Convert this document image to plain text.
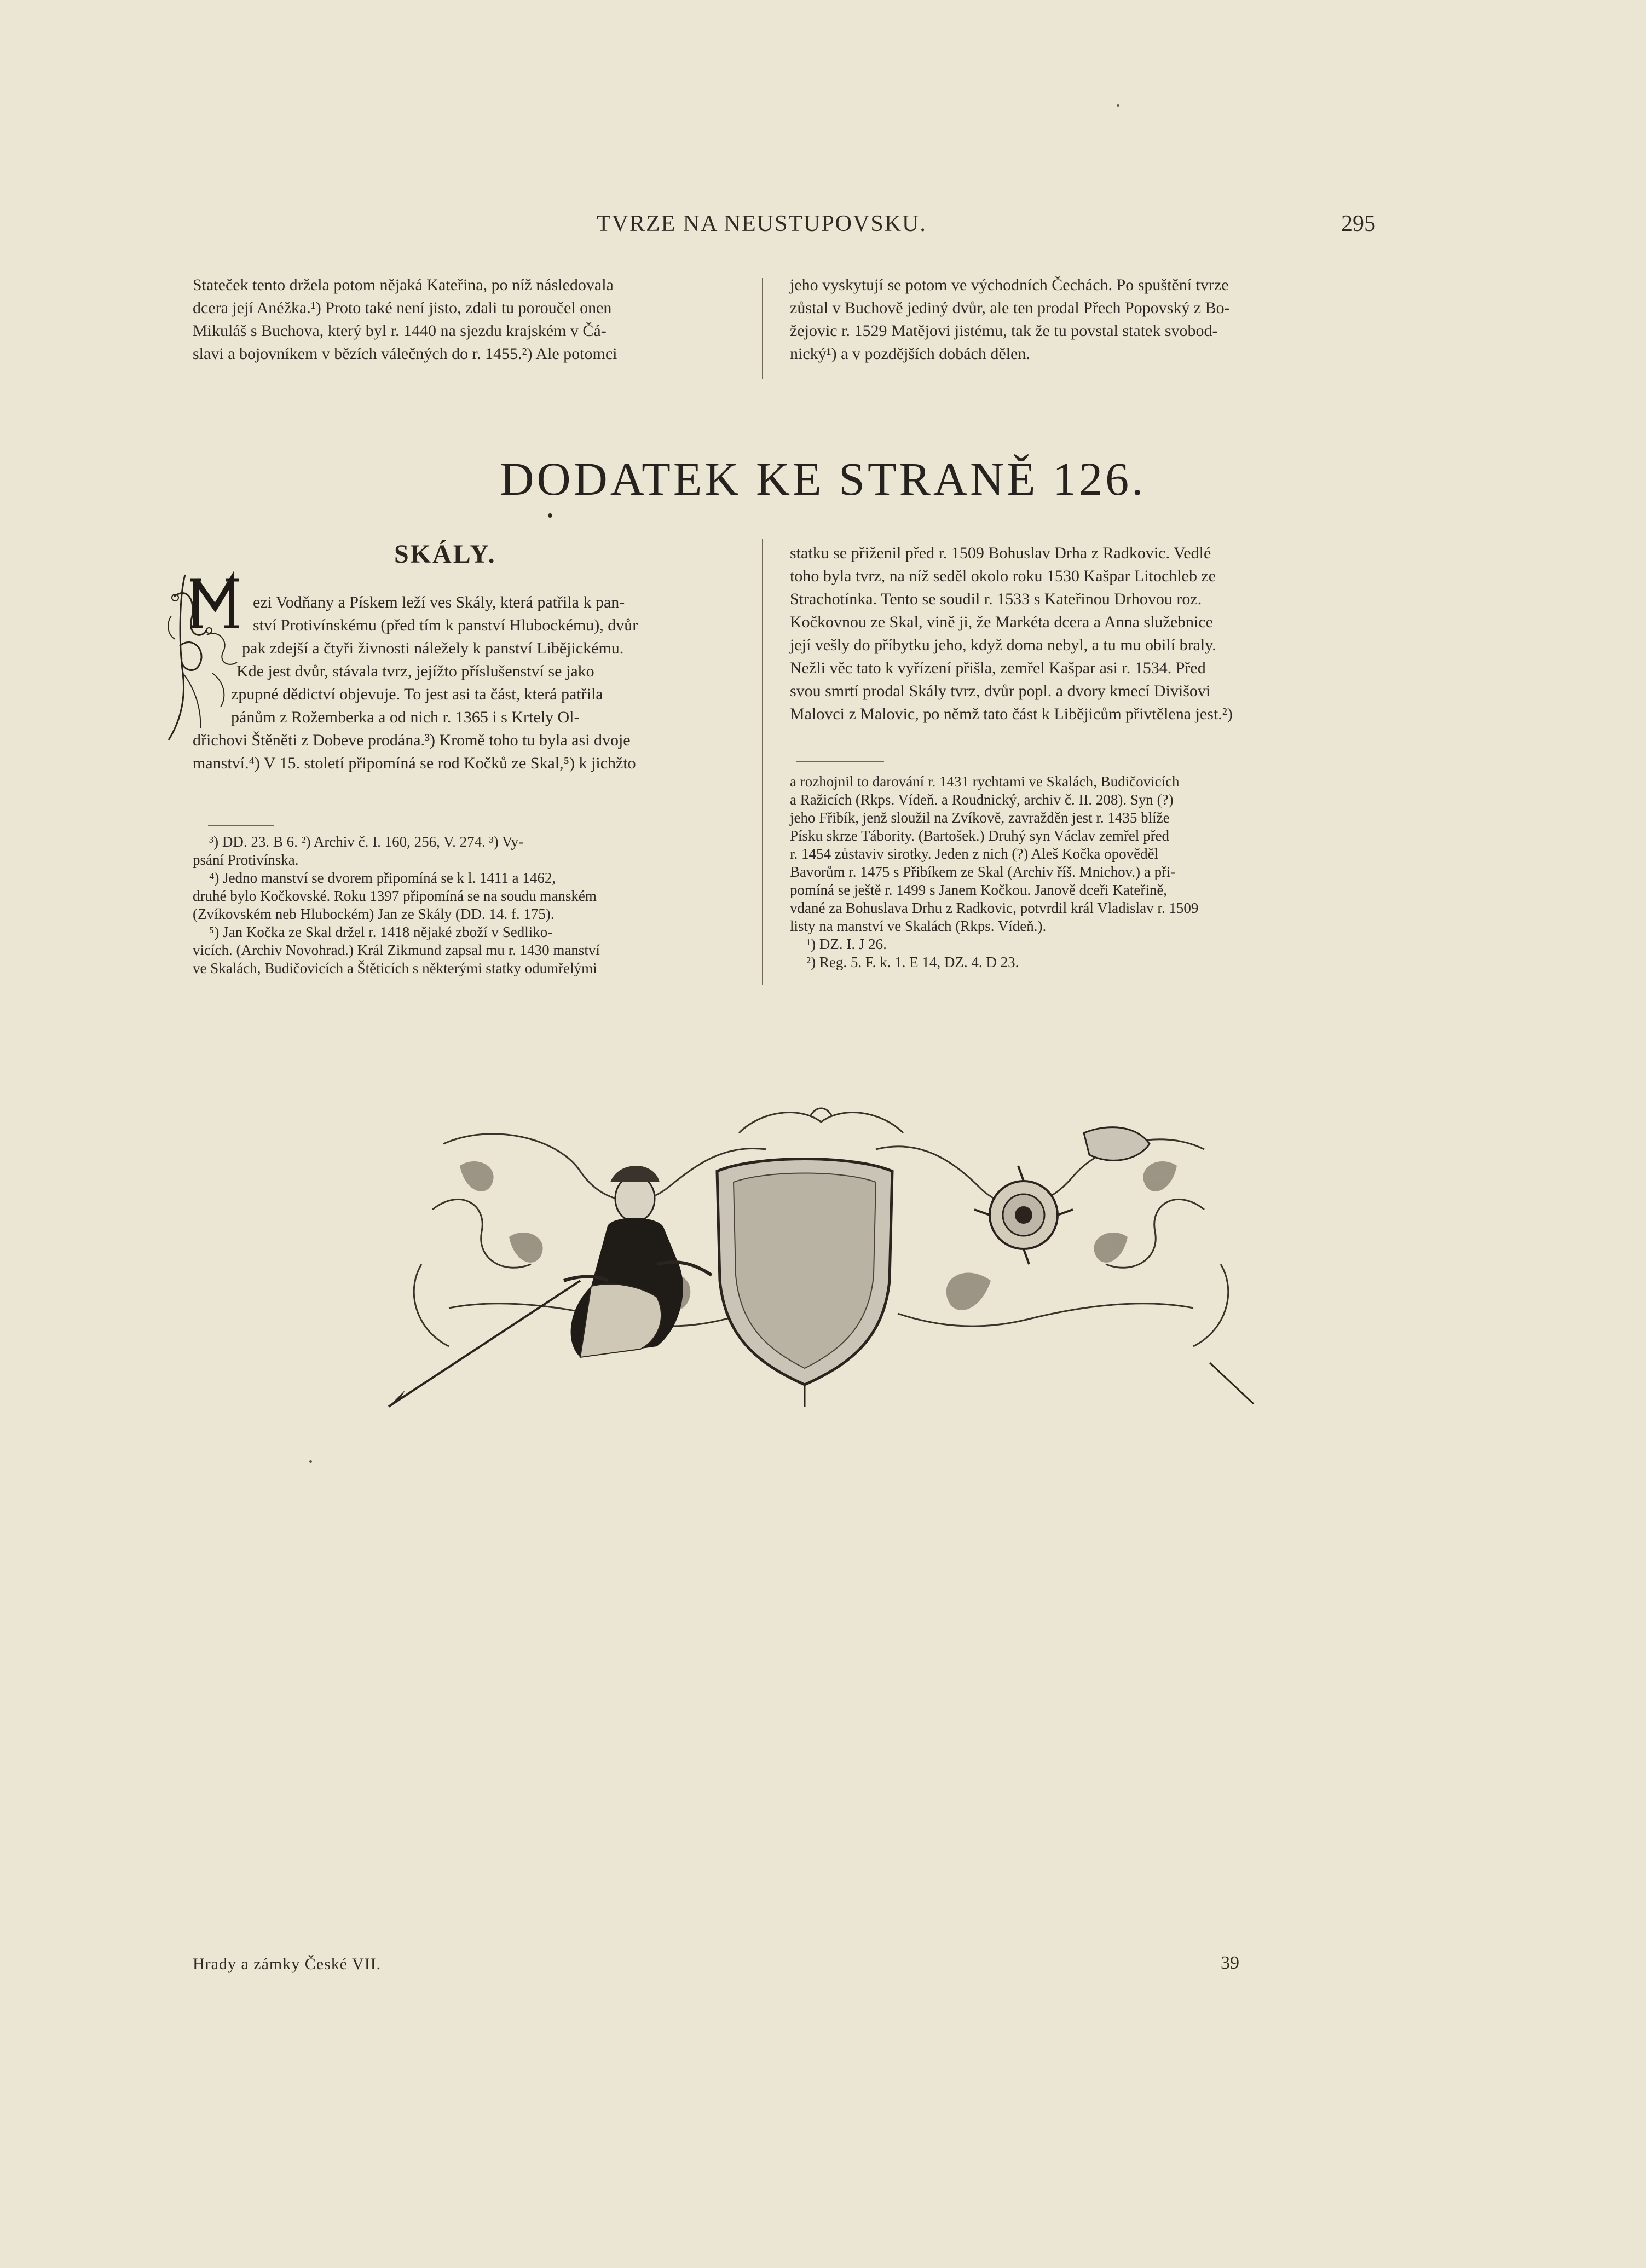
TVRZE NA NEUSTUPOVSKU.	295

Stateček tento držela potom nějaká Kateřina, po níž následovala

dcera její Anéžka.¹) Proto také není jisto, zdali tu poroučel onen

Mikuláš s Buchova, který byl r. 1440 na sjezdu krajském v Čá-

slavi a bojovníkem v bězích válečných do r. 1455.²) Ale potomci

jeho vyskytují se potom ve východních Čechách. Po spuštění tvrze

zůstal v Buchově jediný dvůr, ale ten prodal Přech Popovský z Bo-

žejovic r. 1529 Matějovi jistému, tak že tu povstal statek svobod-

nický¹) a v pozdějších dobách dělen.

DODATEK KE STRANĚ 126.
SKÁLY.

ezi Vodňany a Pískem leží ves Skály, která patřila k pan-

ství Protivínskému (před tím k panství Hlubockému), dvůr

pak zdejší a čtyři živnosti náležely k panství Liběјickému.

Kde jest dvůr, stávala tvrz, jejížto příslušenství se jako

zpupné dědictví objevuje. To jest asi ta část, která patřila

pánům z Rožemberka a od nich r. 1365 i s Krtely Ol-

dřichovi Štěněti z Dobeve prodána.³) Kromě toho tu byla asi dvoje

manství.⁴) V 15. století připomíná se rod Kočků ze Skal,⁵) k jichžto

³) DD. 23. B 6. ²) Archiv č. I. 160, 256, V. 274. ³) Vy-

psání Protivínska.

⁴) Jedno manství se dvorem připomíná se k l. 1411 a 1462,

druhé bylo Kočkovské. Roku 1397 připomíná se na soudu manském

(Zvíkovském neb Hlubockém) Jan ze Skály (DD. 14. f. 175).

⁵) Jan Kočka ze Skal držel r. 1418 nějaké zboží v Sedliko-

vicích. (Archiv Novohrad.) Král Zikmund zapsal mu r. 1430 manství

ve Skalách, Budičovicích a Štěticích s některými statky odumřelými

statku se přiženil před r. 1509 Bohuslav Drha z Radkovic. Vedlé

toho byla tvrz, na níž seděl okolo roku 1530 Kašpar Litochleb ze

Strachotínka. Tento se soudil r. 1533 s Kateřinou Drhovou roz.

Kočkovnou ze Skal, vině ji, že Markéta dcera a Anna služebnice

její vešly do příbytku jeho, když doma nebyl, a tu mu obilí braly.

Nežli věc tato k vyřízení přišla, zemřel Kašpar asi r. 1534. Před

svou smrtí prodal Skály tvrz, dvůr popl. a dvory kmecí Divišovi

Malovci z Malovic, po němž tato část k Liběјicům přivtělena jest.²)

a rozhojnil to darování r. 1431 rychtami ve Skalách, Budičovicích

a Ražicích (Rkps. Vídeň. a Roudnický, archiv č. II. 208). Syn (?)

jeho Fřibík, jenž sloužil na Zvíkově, zavražděn jest r. 1435 blíže

Písku skrze Tábority. (Bartošek.) Druhý syn Václav zemřel před

r. 1454 zůstaviv sirotky. Jeden z nich (?) Aleš Kočka opověděl

Bavorům r. 1475 s Přibíkem ze Skal (Archiv říš. Mnichov.) a při-

pomíná se ještě r. 1499 s Janem Kočkou. Janově dceři Kateřině,

vdané za Bohuslava Drhu z Radkovic, potvrdil král Vladislav r. 1509

listy na manství ve Skalách (Rkps. Vídeň.).

¹) DZ. I. J 26.

²) Reg. 5. F. k. 1. E 14, DZ. 4. D 23.

Hrady a zámky České VII.	39
